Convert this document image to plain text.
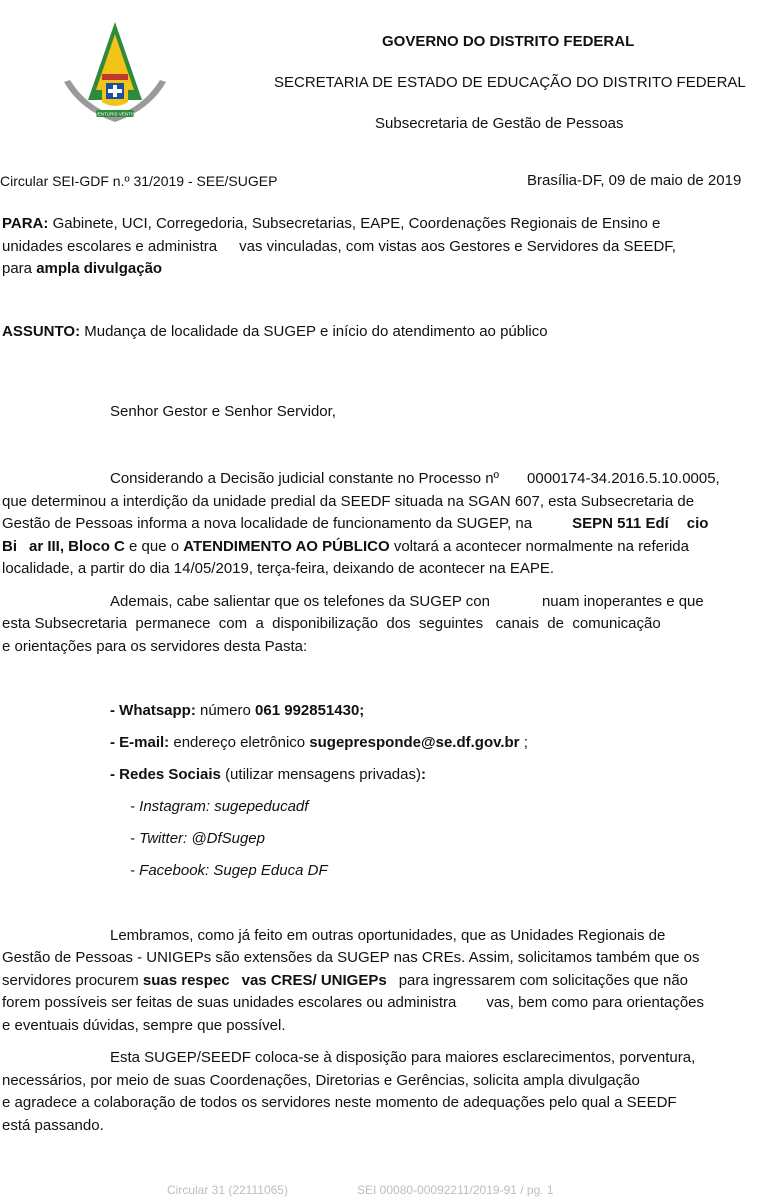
VENTURIS VENTIS
GOVERNO DO DISTRITO FEDERAL
SECRETARIA DE ESTADO DE EDUCAÇÃO DO DISTRITO FEDERAL
Subsecretaria de Gestão de Pessoas
Circular SEI-GDF n.º 31/2019 - SEE/SUGEP	Brasília-DF, 09 de maio de 2019
PARA: Gabinete, UCI, Corregedoria, Subsecretarias, EAPE, Coordenações Regionais de Ensino e
unidades escolares e administra vas vinculadas, com vistas aos Gestores e Servidores da SEEDF,
para ampla divulgação
ASSUNTO: Mudança de localidade da SUGEP e início do atendimento ao público
Senhor Gestor e Senhor Servidor,
Considerando a Decisão judicial constante no Processo nº 0000174-34.2016.5.10.0005,
que determinou a interdição da unidade predial da SEEDF situada na SGAN 607, esta Subsecretaria de
Gestão de Pessoas informa a nova localidade de funcionamento da SUGEP, na	SEPN 511 Edí cio
Bi ar III, Bloco C e que o ATENDIMENTO AO PÚBLICO voltará a acontecer normalmente na referida
localidade, a partir do dia 14/05/2019, terça-feira, deixando de acontecer na EAPE.
Ademais, cabe salientar que os telefones da SUGEP con	nuam inoperantes e que
esta Subsecretaria  permanece  com  a  disponibilização  dos  seguintes   canais  de  comunicação
e orientações para os servidores desta Pasta:
- Whatsapp: número 061 992851430;
- E-mail: endereço eletrônico sugepresponde@se.df.gov.br ;
- Redes Sociais (utilizar mensagens privadas):
- Instagram: sugepeducadf
- Twitter: @DfSugep
- Facebook: Sugep Educa DF
Lembramos, como já feito em outras oportunidades, que as Unidades Regionais de
Gestão de Pessoas - UNIGEPs são extensões da SUGEP nas CREs. Assim, solicitamos também que os
servidores procurem suas respec vas CRES/ UNIGEPs para ingressarem com solicitações que não
forem possíveis ser feitas de suas unidades escolares ou administra vas, bem como para orientações
e eventuais dúvidas, sempre que possível.
Esta SUGEP/SEEDF coloca-se à disposição para maiores esclarecimentos, porventura,
necessários, por meio de suas Coordenações, Diretorias e Gerências, solicita ampla divulgação
e agradece a colaboração de todos os servidores neste momento de adequações pelo qual a SEEDF
está passando.
Circular 31 (22111065)	SEI 00080-00092211/2019-91 / pg. 1
